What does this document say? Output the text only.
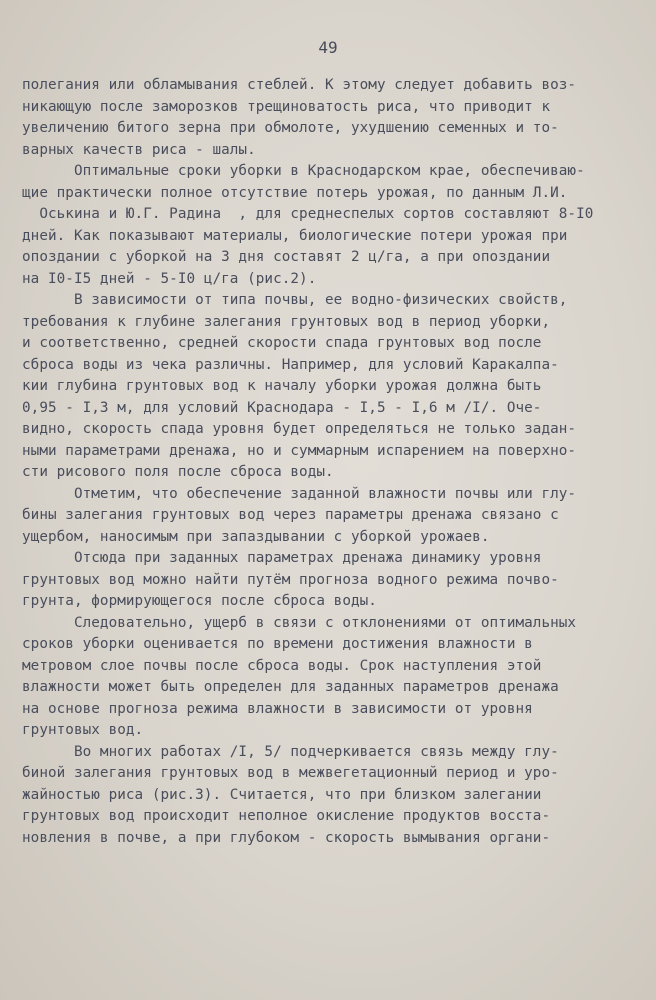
49
полегания или обламывания стеблей. К этому следует добавить воз-
никающую после заморозков трещиноватость риса, что приводит к
увеличению битого зерна при обмолоте, ухудшению семенных и то-
варных качеств риса - шалы.
Оптимальные сроки уборки в Краснодарском крае, обеспечиваю-
щие практически полное отсутствие потерь урожая, по данным Л.И.
Оськина и Ю.Г. Радина  , для среднеспелых сортов составляют 8-I0
дней. Как показывают материалы, биологические потери урожая при
опоздании с уборкой на 3 дня составят 2 ц/га, а при опоздании
на I0-I5 дней - 5-I0 ц/га (рис.2).
В зависимости от типа почвы, ее водно-физических свойств,
требования к глубине залегания грунтовых вод в период уборки,
и соответственно, средней скорости спада грунтовых вод после
сброса воды из чека различны. Например, для условий Каракалпа-
кии глубина грунтовых вод к началу уборки урожая должна быть
0,95 - I,3 м, для условий Краснодара - I,5 - I,6 м /I/. Оче-
видно, скорость спада уровня будет определяться не только задан-
ными параметрами дренажа, но и суммарным испарением на поверхно-
сти рисового поля после сброса воды.
Отметим, что обеспечение заданной влажности почвы или глу-
бины залегания грунтовых вод через параметры дренажа связано с
ущербом, наносимым при запаздывании с уборкой урожаев.
Отсюда при заданных параметрах дренажа динамику уровня
грунтовых вод можно найти путём прогноза водного режима почво-
грунта, формирующегося после сброса воды.
Следовательно, ущерб в связи с отклонениями от оптимальных
сроков уборки оценивается по времени достижения влажности в
метровом слое почвы после сброса воды. Срок наступления этой
влажности может быть определен для заданных параметров дренажа
на основе прогноза режима влажности в зависимости от уровня
грунтовых вод.
Во многих работах /I, 5/ подчеркивается связь между глу-
биной залегания грунтовых вод в межвегетационный период и уро-
жайностью риса (рис.3). Считается, что при близком залегании
грунтовых вод происходит неполное окисление продуктов восста-
новления в почве, а при глубоком - скорость вымывания органи-
